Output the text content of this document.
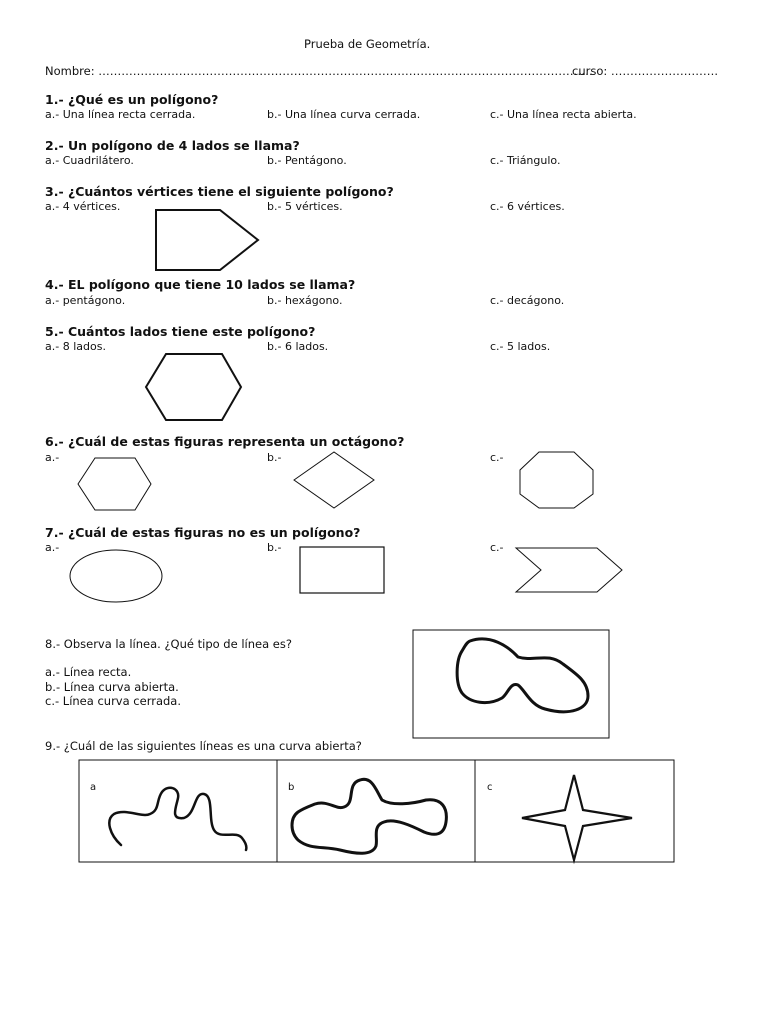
Prueba de Geometría.
Nombre: …………………………………………………………………………………………………………………
curso: ……………………….
1.- ¿Qué es un polígono?
a.- Una línea recta cerrada.	b.- Una línea curva cerrada.	c.- Una línea recta abierta.
2.- Un polígono de 4 lados se llama?
a.- Cuadrilátero.	b.- Pentágono.	c.- Triángulo.
3.- ¿Cuántos vértices tiene el siguiente polígono?
a.- 4 vértices.	b.- 5 vértices.	c.- 6 vértices.
4.- EL polígono que tiene 10 lados se llama?
a.- pentágono.	b.- hexágono.	c.- decágono.
5.- Cuántos lados tiene este polígono?
a.- 8 lados.	b.- 6 lados.	c.- 5 lados.
6.- ¿Cuál de estas figuras representa un octágono?
a.-	b.-	c.-
7.- ¿Cuál de estas figuras no es un polígono?
a.-	b.-	c.-
8.- Observa la línea. ¿Qué tipo de línea es?
a.- Línea recta.
b.- Línea curva abierta.
c.- Línea curva cerrada.
9.- ¿Cuál de las siguientes líneas es una curva abierta?
a	b	c
